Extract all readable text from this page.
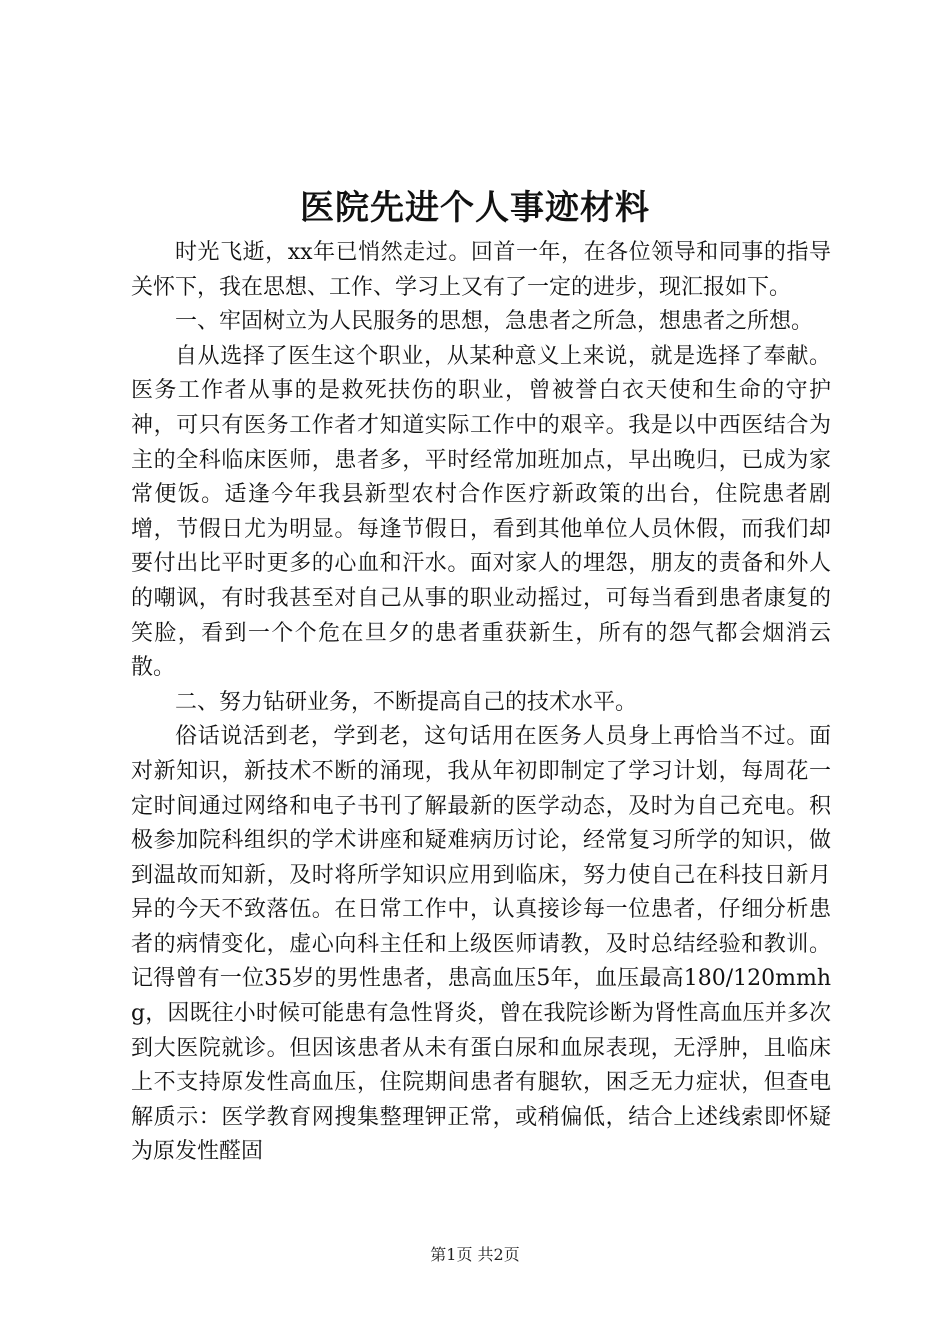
医院先进个人事迹材料

时光飞逝，xx年已悄然走过。回首一年，在各位领导和同事的指导关怀下，我在思想、工作、学习上又有了一定的进步，现汇报如下。

一、牢固树立为人民服务的思想，急患者之所急，想患者之所想。

自从选择了医生这个职业，从某种意义上来说，就是选择了奉献。医务工作者从事的是救死扶伤的职业，曾被誉白衣天使和生命的守护神，可只有医务工作者才知道实际工作中的艰辛。我是以中西医结合为主的全科临床医师，患者多，平时经常加班加点，早出晚归，已成为家常便饭。适逢今年我县新型农村合作医疗新政策的出台，住院患者剧增，节假日尤为明显。每逢节假日，看到其他单位人员休假，而我们却要付出比平时更多的心血和汗水。面对家人的埋怨，朋友的责备和外人的嘲讽，有时我甚至对自己从事的职业动摇过，可每当看到患者康复的笑脸，看到一个个危在旦夕的患者重获新生，所有的怨气都会烟消云散。

二、努力钻研业务，不断提高自己的技术水平。

俗话说活到老，学到老，这句话用在医务人员身上再恰当不过。面对新知识，新技术不断的涌现，我从年初即制定了学习计划，每周花一定时间通过网络和电子书刊了解最新的医学动态，及时为自己充电。积极参加院科组织的学术讲座和疑难病历讨论，经常复习所学的知识，做到温故而知新，及时将所学知识应用到临床，努力使自己在科技日新月异的今天不致落伍。在日常工作中，认真接诊每一位患者，仔细分析患者的病情变化，虚心向科主任和上级医师请教，及时总结经验和教训。记得曾有一位35岁的男性患者，患高血压5年，血压最高180/120mmhg，因既往小时候可能患有急性肾炎，曾在我院诊断为肾性高血压并多次到大医院就诊。但因该患者从未有蛋白尿和血尿表现，无浮肿，且临床上不支持原发性高血压，住院期间患者有腿软，困乏无力症状，但查电解质示：医学教育网搜集整理钾正常，或稍偏低，结合上述线索即怀疑为原发性醛固

第1页 共2页
